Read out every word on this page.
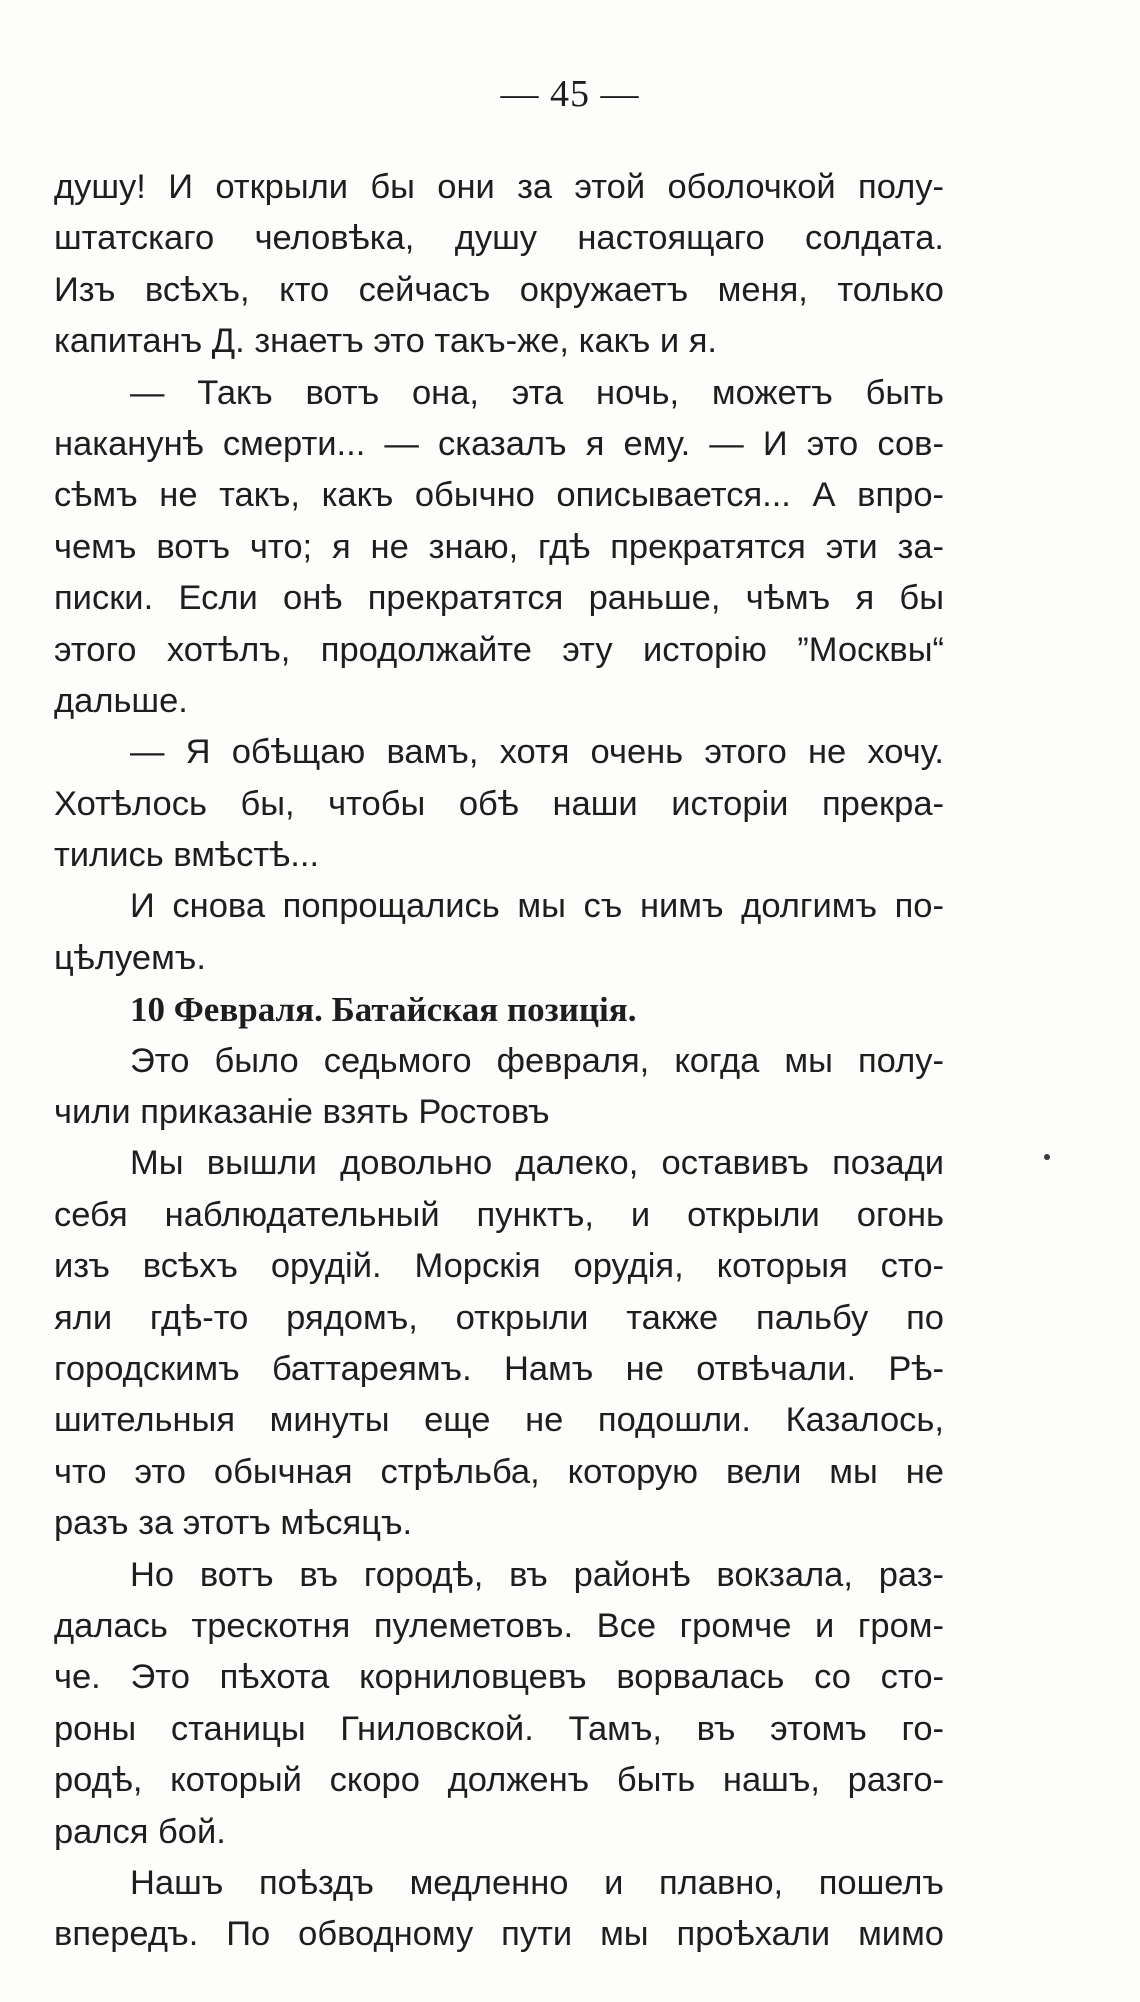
— 45 —
душу! И открыли бы они за этой оболочкой полу-
штатскаго человѣка, душу настоящаго солдата.
Изъ всѣхъ, кто сейчасъ окружаетъ меня, только
капитанъ Д. знаетъ это такъ-же, какъ и я.
— Такъ вотъ она, эта ночь, можетъ быть
наканунѣ смерти... — сказалъ я ему. — И это сов-
сѣмъ не такъ, какъ обычно описывается... А впро-
чемъ вотъ что; я не знаю, гдѣ прекратятся эти за-
писки. Если онѣ прекратятся раньше, чѣмъ я бы
этого хотѣлъ, продолжайте эту исторію ”Москвы“
дальше.
— Я обѣщаю вамъ, хотя очень этого не хочу.
Хотѣлось бы, чтобы обѣ наши исторіи прекра-
тились вмѣстѣ...
И снова попрощались мы съ нимъ долгимъ по-
цѣлуемъ.
10 Февраля. Батайская позиція.
Это было седьмого февраля, когда мы полу-
чили приказаніе взять Ростовъ
Мы вышли довольно далеко, оставивъ позади
себя наблюдательный пунктъ, и открыли огонь
изъ всѣхъ орудій. Морскія орудія, которыя сто-
яли гдѣ-то рядомъ, открыли также пальбу по
городскимъ баттареямъ. Намъ не отвѣчали. Рѣ-
шительныя минуты еще не подошли. Казалось,
что это обычная стрѣльба, которую вели мы не
разъ за этотъ мѣсяцъ.
Но вотъ въ городѣ, въ районѣ вокзала, раз-
далась трескотня пулеметовъ. Все громче и гром-
че. Это пѣхота корниловцевъ ворвалась со сто-
роны станицы Гниловской. Тамъ, въ этомъ го-
родѣ, который скоро долженъ быть нашъ, разго-
рался бой.
Нашъ поѣздъ медленно и плавно, пошелъ
впередъ. По обводному пути мы проѣхали мимо
